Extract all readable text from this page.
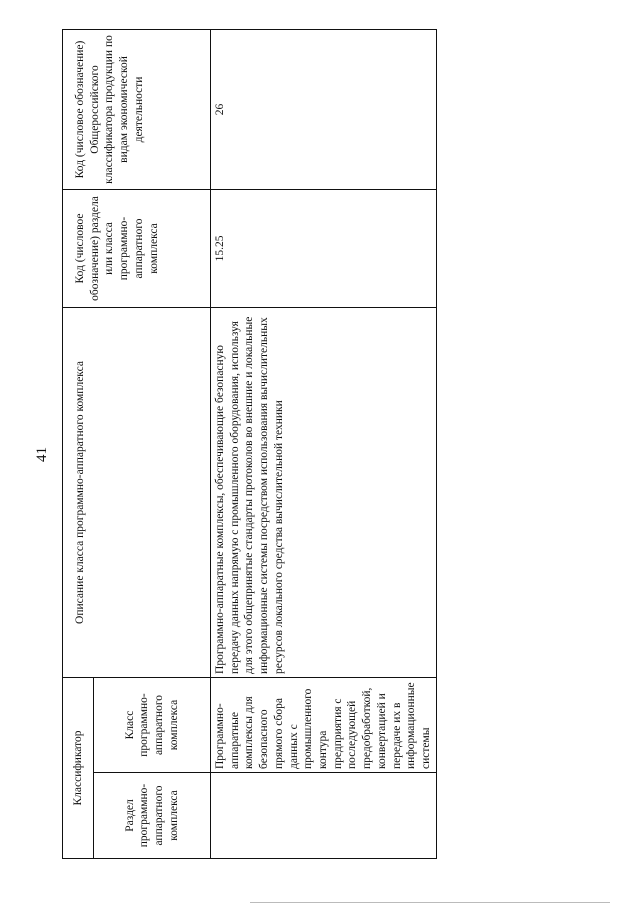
41
Классификатор		Описание класса программно-аппаратного комплекса	Код (числовое обозначение) раздела или класса программно-аппаратного комплекса	Код (числовое обозначение) Общероссийского классификатора продукции по видам экономической деятельности
Раздел программно-аппаратного комплекса	Класс программно-аппаратного комплекса			
	Программно-аппаратные комплексы для безопасного прямого сбора данных с промышленного контура предприятия с последующей предобработкой, конвертацией и передаче их в информационные системы	Программно-аппаратные комплексы, обеспечивающие безопасную передачу данных напрямую с промышленного оборудования, используя для этого общепринятые стандарты протоколов во внешние и локальные информационные системы посредством использования вычислительных ресурсов локального средства вычислительной техники	15.25	26
